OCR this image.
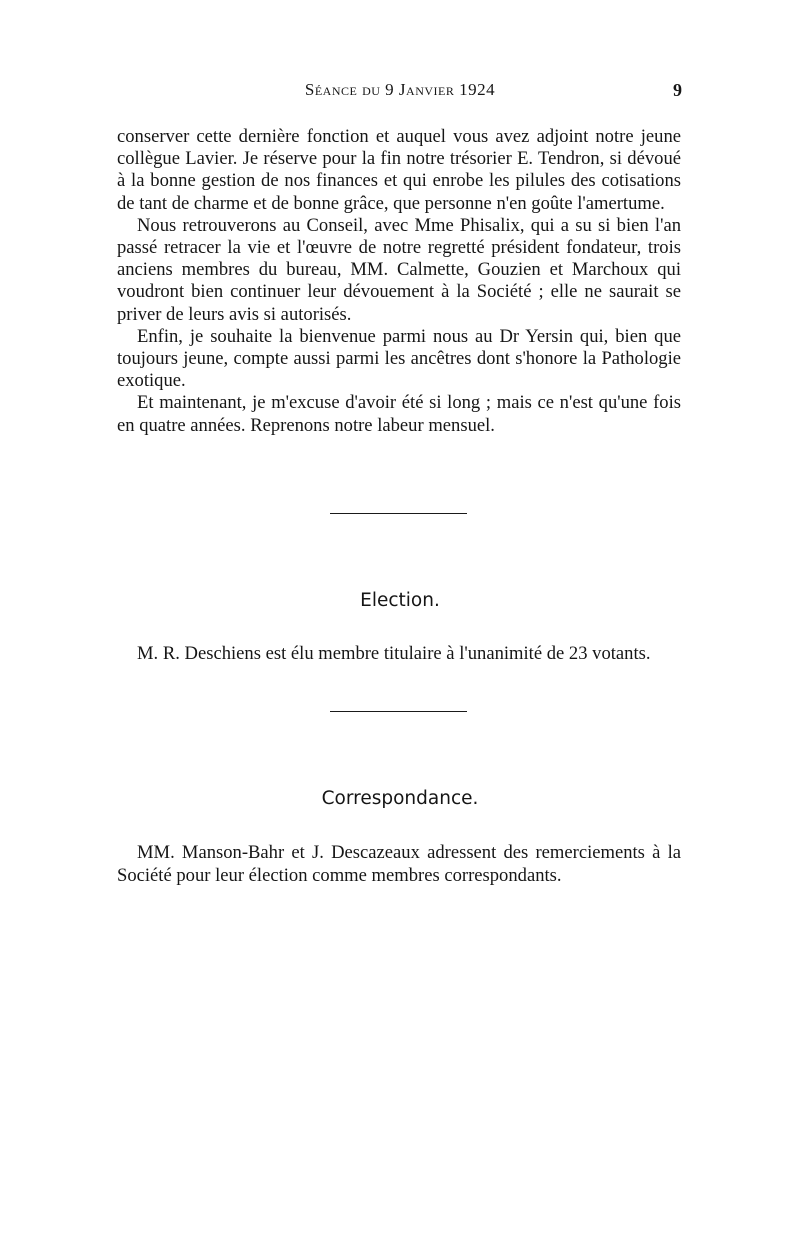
Séance du 9 Janvier 1924	9

conserver cette dernière fonction et auquel vous avez adjoint notre jeune collègue Lavier. Je réserve pour la fin notre trésorier E. Tendron, si dévoué à la bonne gestion de nos finances et qui enrobe les pilules des cotisations de tant de charme et de bonne grâce, que personne n'en goûte l'amertume.

Nous retrouverons au Conseil, avec Mme Phisalix, qui a su si bien l'an passé retracer la vie et l'œuvre de notre regretté président fondateur, trois anciens membres du bureau, MM. Calmette, Gouzien et Marchoux qui voudront bien continuer leur dévouement à la Société ; elle ne saurait se priver de leurs avis si autorisés.

Enfin, je souhaite la bienvenue parmi nous au Dr Yersin qui, bien que toujours jeune, compte aussi parmi les ancêtres dont s'honore la Pathologie exotique.

Et maintenant, je m'excuse d'avoir été si long ; mais ce n'est qu'une fois en quatre années. Reprenons notre labeur mensuel.

Election.

M. R. Deschiens est élu membre titulaire à l'unanimité de 23 votants.

Correspondance.

MM. Manson-Bahr et J. Descazeaux adressent des remerciements à la Société pour leur élection comme membres correspondants.
